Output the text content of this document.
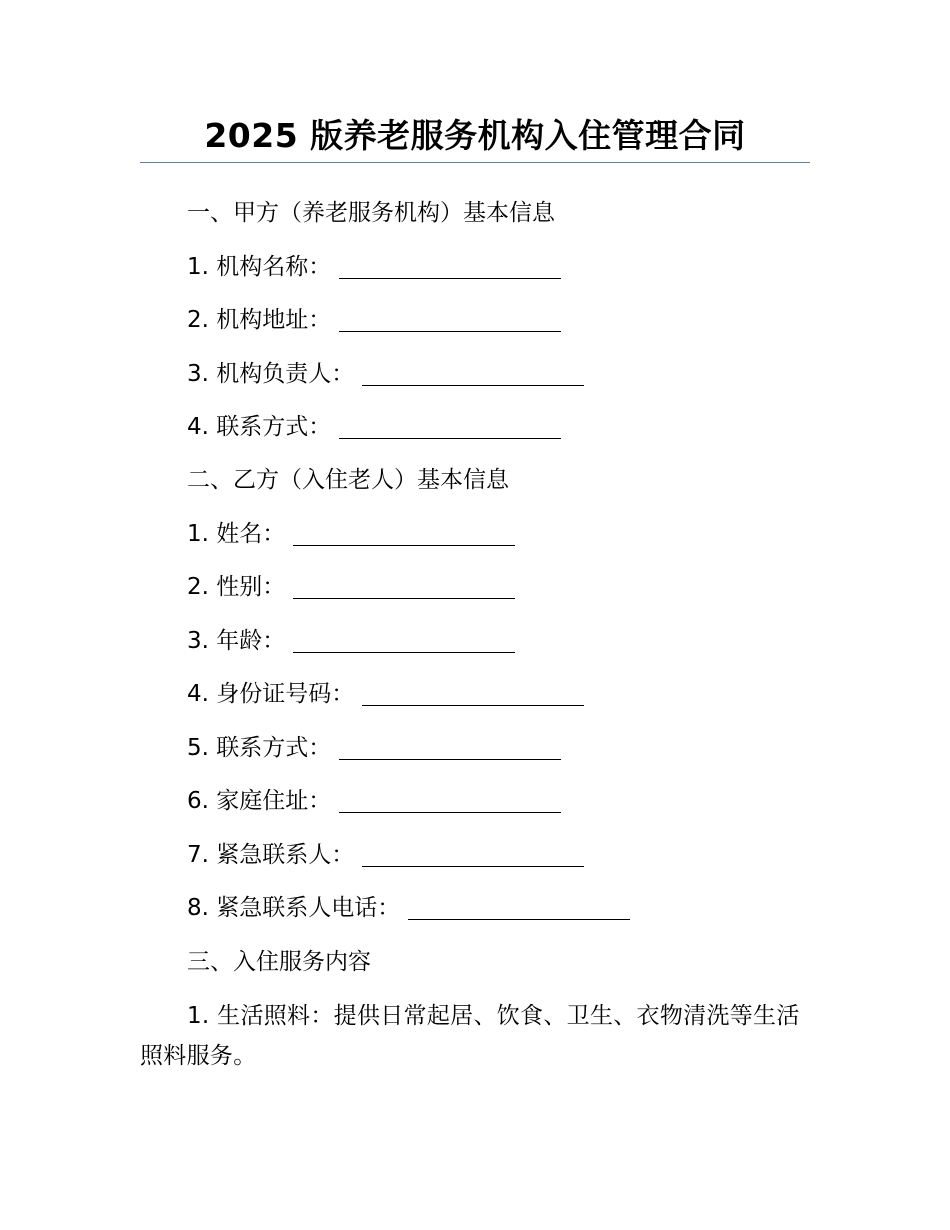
2025 版养老服务机构入住管理合同
一、甲方（养老服务机构）基本信息
1. 机构名称：
2. 机构地址：
3. 机构负责人：
4. 联系方式：
二、乙方（入住老人）基本信息
1. 姓名：
2. 性别：
3. 年龄：
4. 身份证号码：
5. 联系方式：
6. 家庭住址：
7. 紧急联系人：
8. 紧急联系人电话：
三、入住服务内容
1. 生活照料：提供日常起居、饮食、卫生、衣物清洗等生活照料服务。
